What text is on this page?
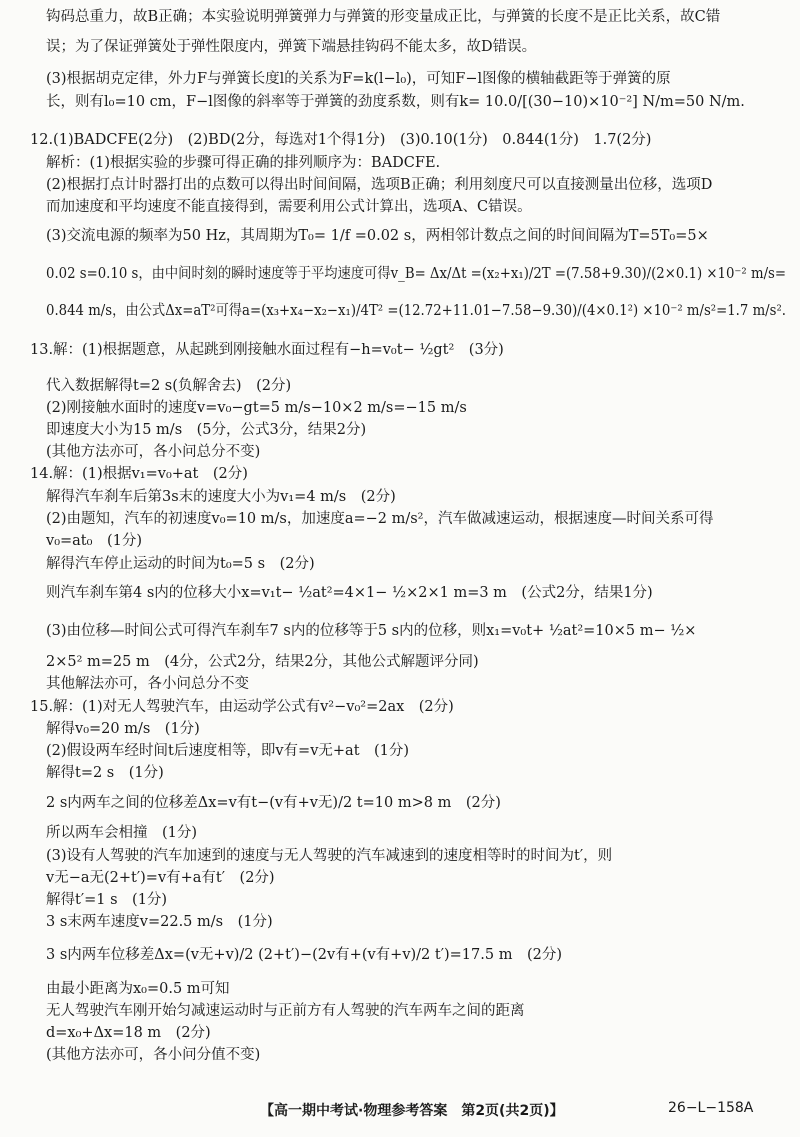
钩码总重力，故B正确；本实验说明弹簧弹力与弹簧的形变量成正比，与弹簧的长度不是正比关系，故C错
误；为了保证弹簧处于弹性限度内，弹簧下端悬挂钩码不能太多，故D错误。
(3)根据胡克定律，外力F与弹簧长度l的关系为F=k(l−l₀)，可知F−l图像的横轴截距等于弹簧的原
长，则有l₀=10 cm，F−l图像的斜率等于弹簧的劲度系数，则有k= 10.0/[(30−10)×10⁻²] N/m=50 N/m.
12.(1)BADCFE(2分)　(2)BD(2分，每选对1个得1分)　(3)0.10(1分)　0.844(1分)　1.7(2分)
解析：(1)根据实验的步骤可得正确的排列顺序为：BADCFE.
(2)根据打点计时器打出的点数可以得出时间间隔，选项B正确；利用刻度尺可以直接测量出位移，选项D
而加速度和平均速度不能直接得到，需要利用公式计算出，选项A、C错误。
(3)交流电源的频率为50 Hz，其周期为T₀= 1/f =0.02 s，两相邻计数点之间的时间间隔为T=5T₀=5×
0.02 s=0.10 s，由中间时刻的瞬时速度等于平均速度可得v_B= Δx/Δt =(x₂+x₁)/2T =(7.58+9.30)/(2×0.1) ×10⁻² m/s=
0.844 m/s，由公式Δx=aT²可得a=(x₃+x₄−x₂−x₁)/4T² =(12.72+11.01−7.58−9.30)/(4×0.1²) ×10⁻² m/s²=1.7 m/s².
13.解：(1)根据题意，从起跳到刚接触水面过程有−h=v₀t− ½gt²　(3分)
代入数据解得t=2 s(负解舍去)　(2分)
(2)刚接触水面时的速度v=v₀−gt=5 m/s−10×2 m/s=−15 m/s
即速度大小为15 m/s　(5分，公式3分，结果2分)
(其他方法亦可，各小问总分不变)
14.解：(1)根据v₁=v₀+at　(2分)
解得汽车刹车后第3s末的速度大小为v₁=4 m/s　(2分)
(2)由题知，汽车的初速度v₀=10 m/s，加速度a=−2 m/s²，汽车做减速运动，根据速度—时间关系可得
v₀=at₀　(1分)
解得汽车停止运动的时间为t₀=5 s　(2分)
则汽车刹车第4 s内的位移大小x=v₁t− ½at²=4×1− ½×2×1 m=3 m　(公式2分，结果1分)
(3)由位移—时间公式可得汽车刹车7 s内的位移等于5 s内的位移，则x₁=v₀t+ ½at²=10×5 m− ½×
2×5² m=25 m　(4分，公式2分，结果2分，其他公式解题评分同)
其他解法亦可，各小问总分不变
15.解：(1)对无人驾驶汽车，由运动学公式有v²−v₀²=2ax　(2分)
解得v₀=20 m/s　(1分)
(2)假设两车经时间t后速度相等，即v有=v无+at　(1分)
解得t=2 s　(1分)
2 s内两车之间的位移差Δx=v有t−(v有+v无)/2 t=10 m>8 m　(2分)
所以两车会相撞　(1分)
(3)设有人驾驶的汽车加速到的速度与无人驾驶的汽车减速到的速度相等时的时间为t′，则
v无−a无(2+t′)=v有+a有t′　(2分)
解得t′=1 s　(1分)
3 s末两车速度v=22.5 m/s　(1分)
3 s内两车位移差Δx=(v无+v)/2 (2+t′)−(2v有+(v有+v)/2 t′)=17.5 m　(2分)
由最小距离为x₀=0.5 m可知
无人驾驶汽车刚开始匀减速运动时与正前方有人驾驶的汽车两车之间的距离
d=x₀+Δx=18 m　(2分)
(其他方法亦可，各小问分值不变)
【高一期中考试·物理参考答案　第2页(共2页)】	26−L−158A
